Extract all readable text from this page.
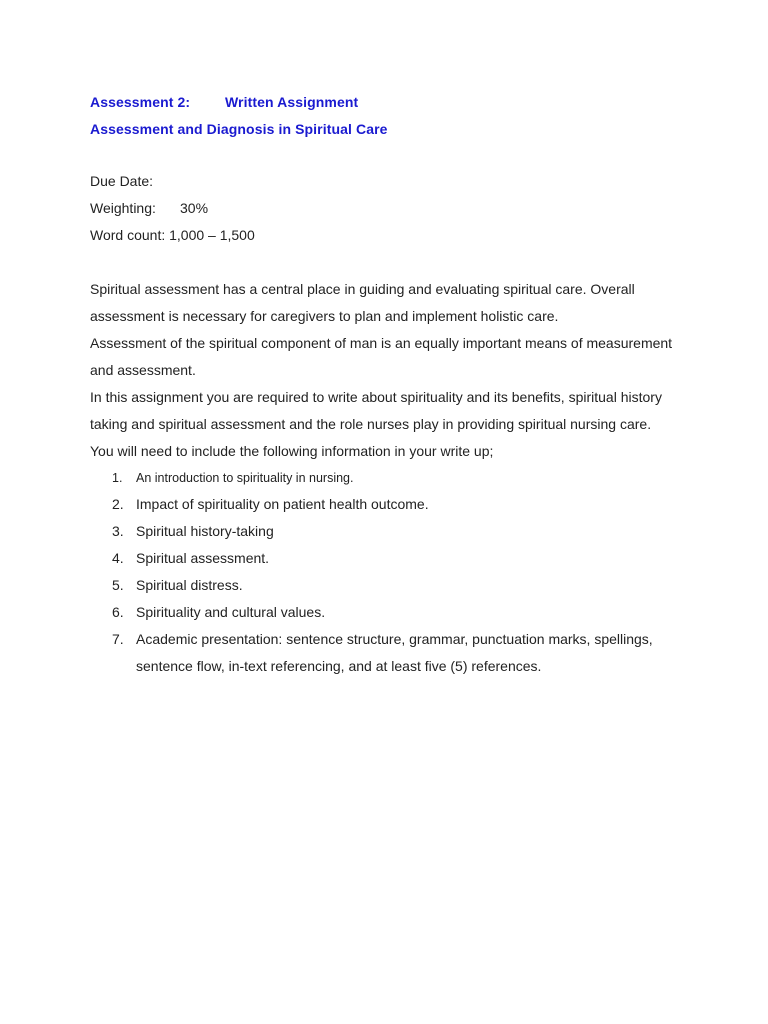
Assessment 2: Written Assignment
Assessment and Diagnosis in Spiritual Care
Due Date:
Weighting: 30%
Word count: 1,000 – 1,500

Spiritual assessment has a central place in guiding and evaluating spiritual care. Overall assessment is necessary for caregivers to plan and implement holistic care.

Assessment of the spiritual component of man is an equally important means of measurement and assessment.

In this assignment you are required to write about spirituality and its benefits, spiritual history taking and spiritual assessment and the role nurses play in providing spiritual nursing care.

You will need to include the following information in your write up;

1. An introduction to spirituality in nursing.
2. Impact of spirituality on patient health outcome.
3. Spiritual history-taking
4. Spiritual assessment.
5. Spiritual distress.
6. Spirituality and cultural values.
7. Academic presentation: sentence structure, grammar, punctuation marks, spellings, sentence flow, in-text referencing, and at least five (5) references.
